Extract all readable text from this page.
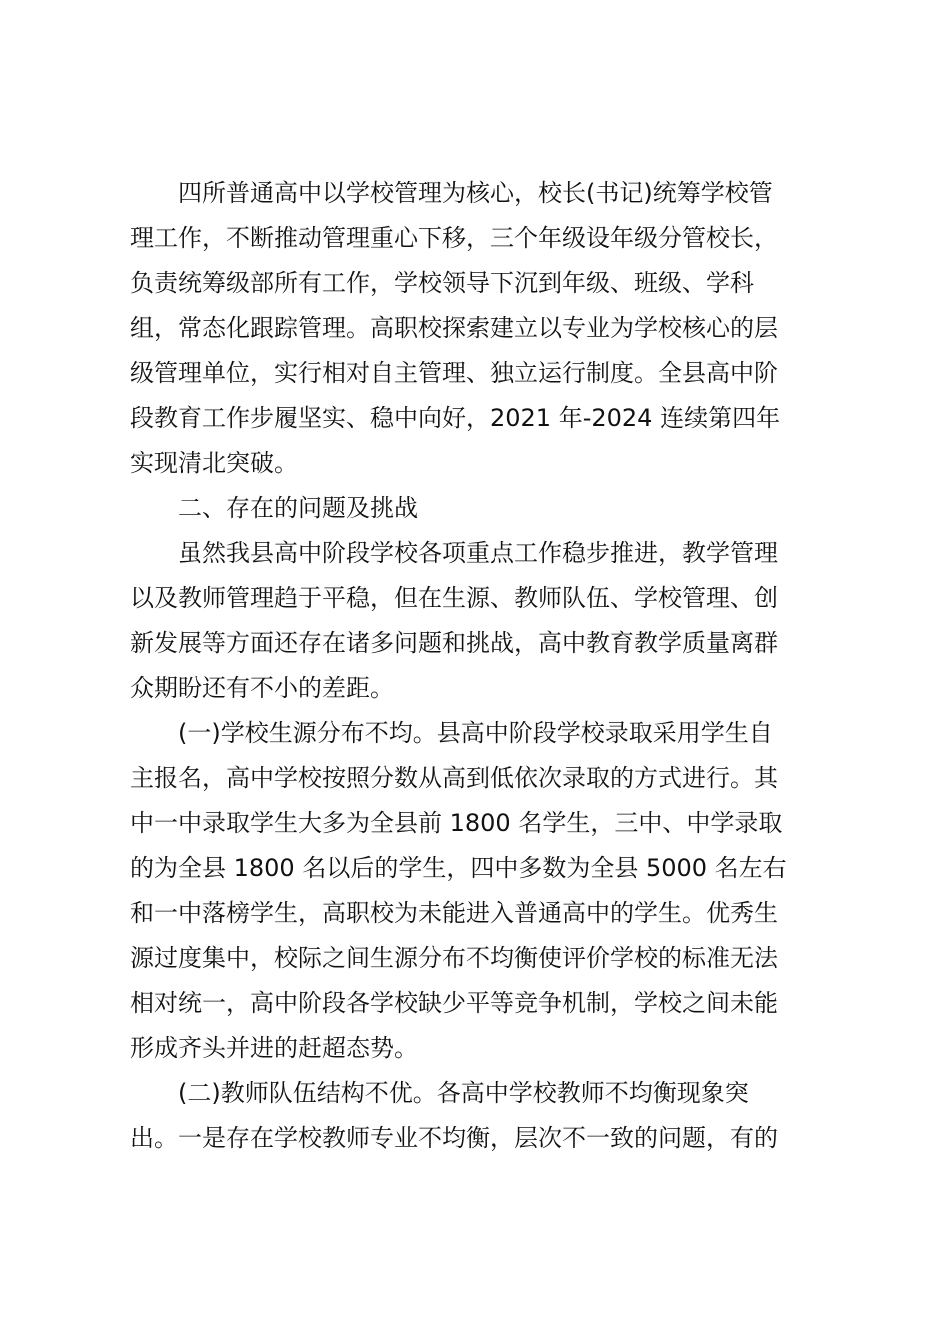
四所普通高中以学校管理为核心，校长(书记)统筹学校管
理工作，不断推动管理重心下移，三个年级设年级分管校长，
负责统筹级部所有工作，学校领导下沉到年级、班级、学科
组，常态化跟踪管理。高职校探索建立以专业为学校核心的层
级管理单位，实行相对自主管理、独立运行制度。全县高中阶
段教育工作步履坚实、稳中向好，2021 年-2024 连续第四年
实现清北突破。
二、存在的问题及挑战
虽然我县高中阶段学校各项重点工作稳步推进，教学管理
以及教师管理趋于平稳，但在生源、教师队伍、学校管理、创
新发展等方面还存在诸多问题和挑战，高中教育教学质量离群
众期盼还有不小的差距。
(一)学校生源分布不均。县高中阶段学校录取采用学生自
主报名，高中学校按照分数从高到低依次录取的方式进行。其
中一中录取学生大多为全县前 1800 名学生，三中、中学录取
的为全县 1800 名以后的学生，四中多数为全县 5000 名左右
和一中落榜学生，高职校为未能进入普通高中的学生。优秀生
源过度集中，校际之间生源分布不均衡使评价学校的标准无法
相对统一，高中阶段各学校缺少平等竞争机制，学校之间未能
形成齐头并进的赶超态势。
(二)教师队伍结构不优。各高中学校教师不均衡现象突
出。一是存在学校教师专业不均衡，层次不一致的问题，有的
